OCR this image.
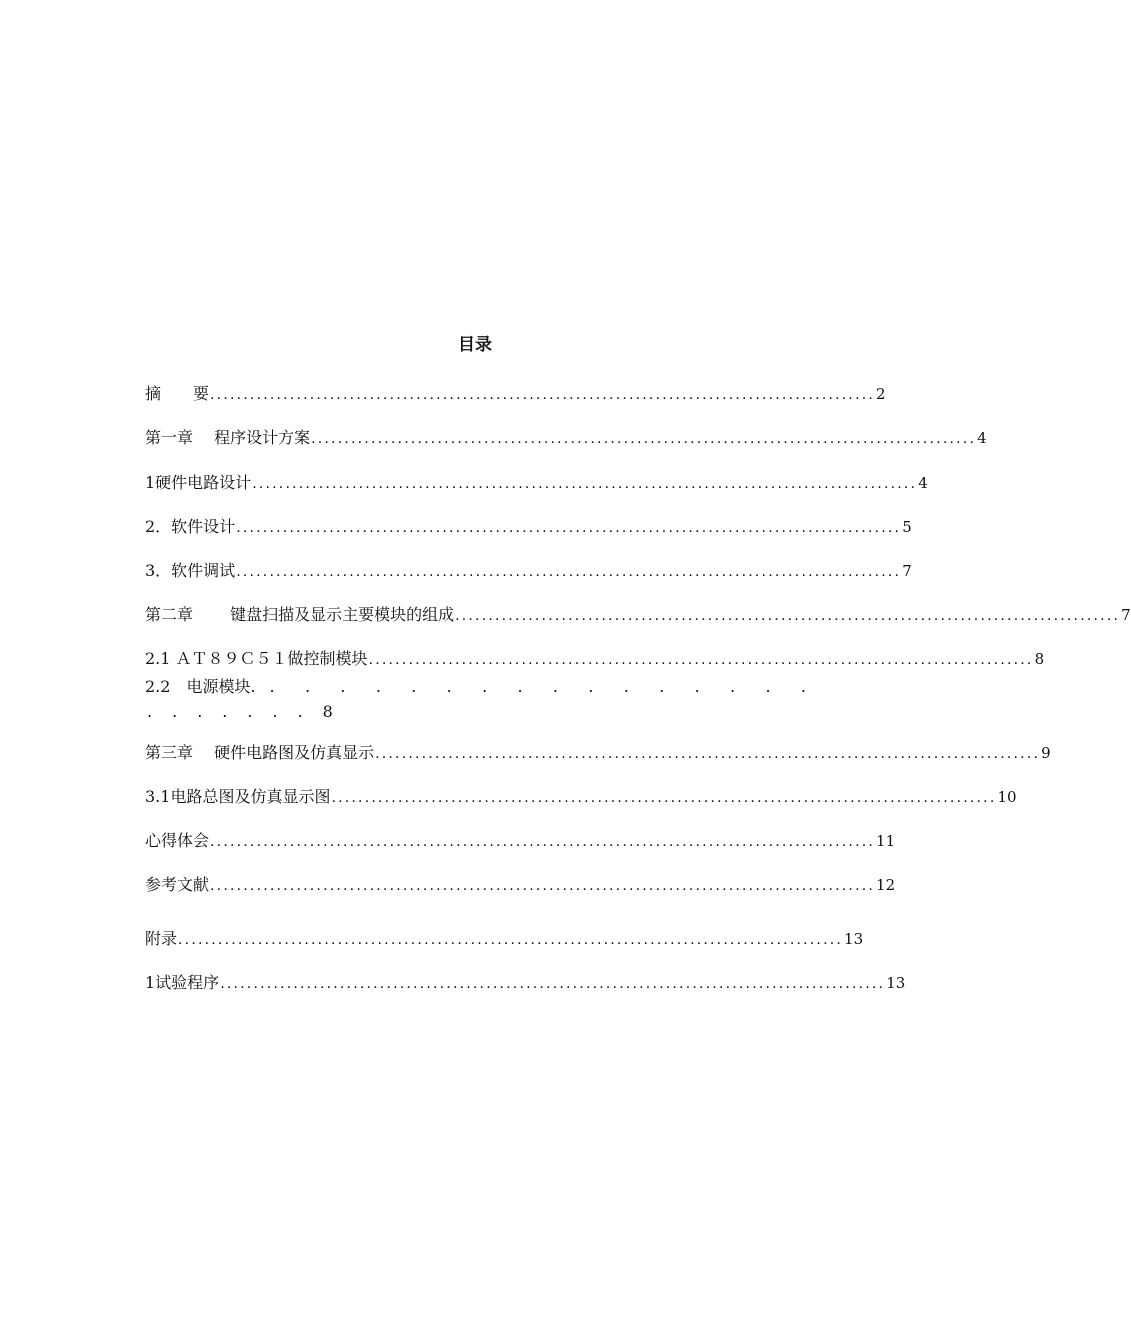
目录
摘　　要 .................................................................................................... 2
第一章　 程序设计方案 .................................................................................................... 4
1硬件电路设计 .................................................................................................... 4
2．软件设计 .................................................................................................... 5
3．软件调试 .................................................................................................... 7
第二章　　 键盘扫描及显示主要模块的组成 .................................................................................................... 7
2.1 ＡＴ８９Ｃ５１做控制模块 .................................................................................................... 8
2.2　电源模块. . . . . . . . . . . . . . . . .
. . . . . . . 8
第三章　 硬件电路图及仿真显示 .................................................................................................... 9
3.1电路总图及仿真显示图 .................................................................................................... 10
心得体会 .................................................................................................... 11
参考文献 .................................................................................................... 12
附录 .................................................................................................... 13
1试验程序 .................................................................................................... 13
